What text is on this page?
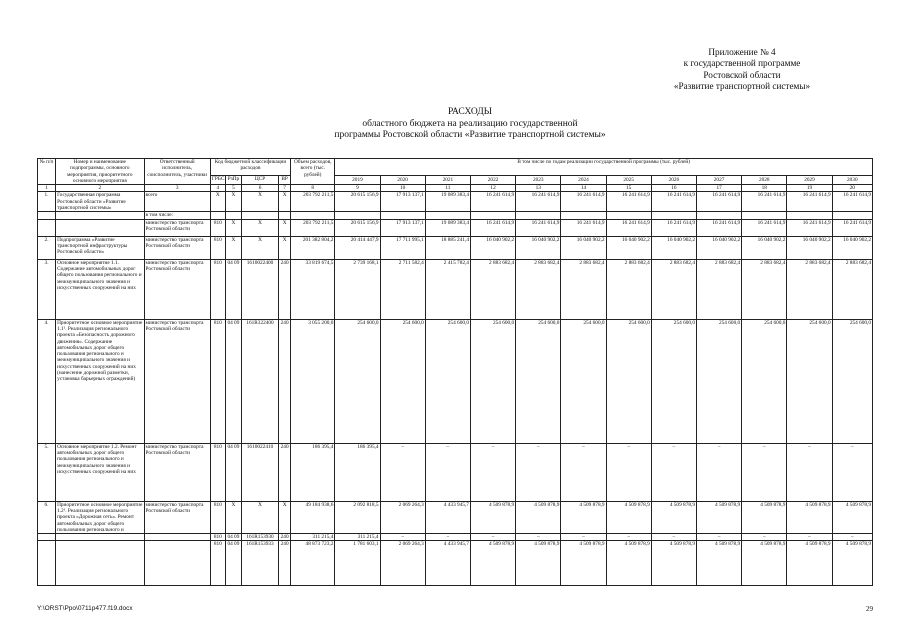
Приложение № 4
к государственной программе
Ростовской области
«Развитие транспортной системы»
РАСХОДЫ
областного бюджета на реализацию государственной
программы Ростовской области «Развитие транспортной системы»
№ п/п	Номер и наименование подпрограммы, основного мероприятия, приоритетного основного мероприятия	Ответственный исполнитель, соисполнитель, участники	Код бюджетной классификации расходов				Объем расходов, всего (тыс. рублей)	В том числе по годам реализации государственной программы (тыс. рублей)											
			ГРБС	РзПр	ЦСР	ВР		2019	2020	2021	2022	2023	2024	2025	2026	2027	2028	2029	2030
1	2	3	4	5	6	7	8	9	10	11	12	13	14	15	16	17	18	19	20
1.	Государственная программа Ростовской области «Развитие транспортной системы»	всего	X	X	X	X	203 792 211,5	20 615 156,9	17 913 137,1	19 089 383,4	16 241 614,9	16 241 614,9	16 241 614,9	16 241 614,9	16 241 614,9	16 241 614,9	16 241 614,9	16 241 614,9	16 241 614,9
		в том числе:																	
		министерство транспорта Ростовской области	810	X	X	X	203 792 211,5	20 615 156,9	17 913 137,1	19 089 383,4	16 241 614,9	16 241 614,9	16 241 614,9	16 241 614,9	16 241 614,9	16 241 614,9	16 241 614,9	16 241 614,9	16 241 614,9
2.	Подпрограмма «Развитие транспортной инфраструктуры Ростовской области»	министерство транспорта Ростовской области	810	X	X	X	201 382 804,2	20 414 447,9	17 711 995,1	18 885 241,4	16 040 902,2	16 040 902,2	16 040 902,2	16 040 902,2	16 040 902,2	16 040 902,2	16 040 902,2	16 040 902,2	16 040 902,2
3.	Основное мероприятие 1.1. Содержание автомобильных дорог общего пользования регионального и межмуниципального значения и искусственных сооружений на них	министерство транспорта Ростовской области	810	04 09	1610022400	240	33 819 674,5	2 739 168,1	2 711 582,4	2 415 782,4	2 883 682,4	2 883 682,4	2 883 682,4	2 883 682,4	2 883 682,4	2 883 682,4	2 883 682,4	2 883 682,4	2 883 682,4
4.	Приоритетное основное мероприятие 1.1¹. Реализация регионального проекта «Безопасность дорожного движения». Содержание автомобильных дорог общего пользования регионального и межмуниципального значения и искусственных сооружений на них (нанесение дорожной разметки, установка барьерных ограждений)	министерство транспорта Ростовской области	810	04 09	161R322400	240	3 055 200,0	254 600,0	254 600,0	254 600,0	254 600,0	254 600,0	254 600,0	254 600,0	254 600,0	254 600,0	254 600,0	254 600,0	254 600,0
5.	Основное мероприятие 1.2. Ремонт автомобильных дорог общего пользования регионального и межмуниципального значения и искусственных сооружений на них	министерство транспорта Ростовской области	810	04 09	1610022410	240	186 395,4	186 395,4	–	–	–	–	–	–	–	–	–	–	–
6.	Приоритетное основное мероприятие 1.2¹. Реализация регионального проекта «Дорожная сеть». Ремонт автомобильных дорог общего пользования регионального и	министерство транспорта Ростовской области	810	X	X	X	49 184 938,6	2 092 818,5	2 069 264,3	4 433 945,7	4 509 878,9	4 509 878,9	4 509 878,9	4 509 878,9	4 509 878,9	4 509 878,9	4 509 878,9	4 509 878,9	4 509 878,9
			810	04 09	161R153930	240	311 215,4	311 215,4	–	–	–	–	–	–	–	–	–	–	–
			810	04 09	161R153933	240	48 873 723,2	1 781 603,1	2 069 264,3	4 433 945,7	4 509 878,9	4 509 878,9	4 509 878,9	4 509 878,9	4 509 878,9	4 509 878,9	4 509 878,9	4 509 878,9	4 509 878,9
Y:\ORST\Ppo\0711p477.f19.docx	29
